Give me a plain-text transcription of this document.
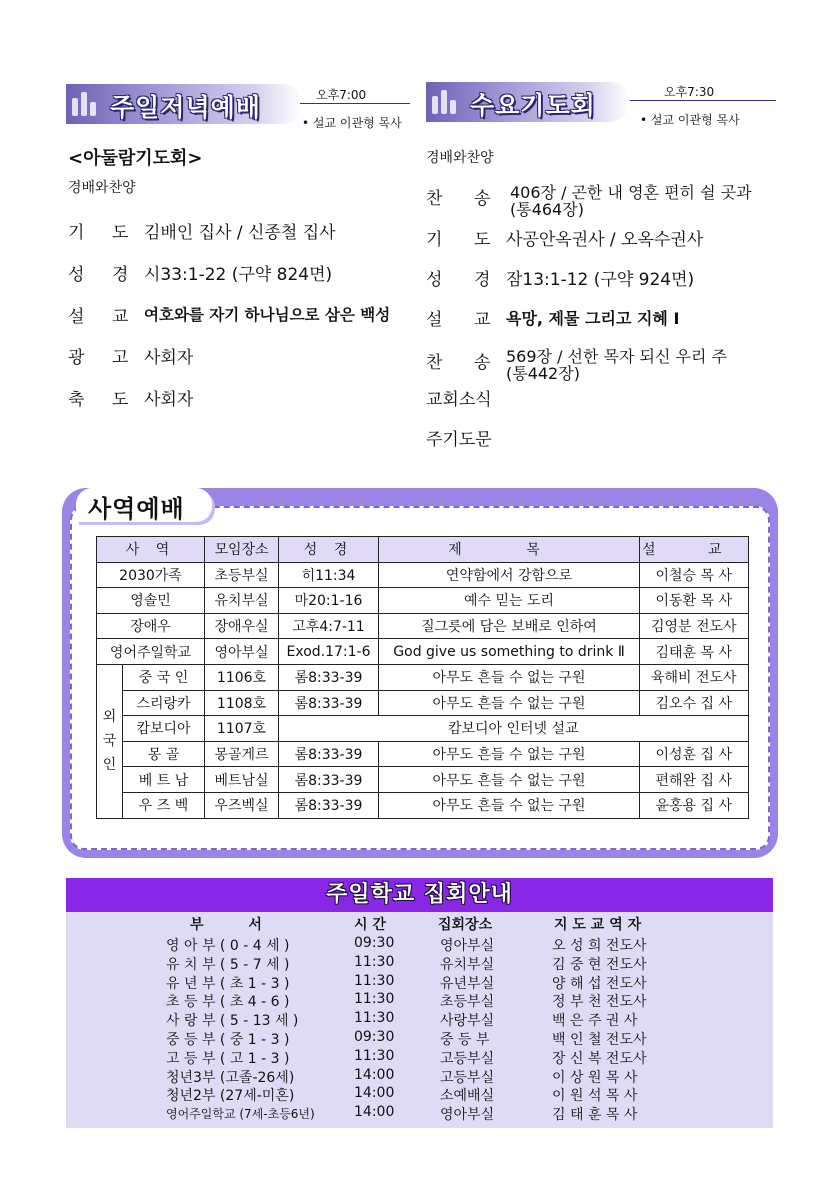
주일저녁예배	오후7:00
• 설교 이관형 목사
<아둘람기도회>
경배와찬양
기 도 김배인 집사 / 신종철 집사
성 경 시33:1-22 (구약 824면)
설 교 여호와를 자기 하나님으로 삼은 백성
광 고 사회자
축 도 사회자
수요기도회	오후7:30
• 설교 이관형 목사
경배와찬양
찬 송 406장 / 곤한 내 영혼 편히 쉴 곳과
(통464장)
기 도 사공안옥권사 / 오옥수권사
성 경 잠13:1-12 (구약 924면)
설 교 욕망, 제물 그리고 지혜 I
찬 송 569장 / 선한 목자 되신 우리 주
(통442장)
교회소식
주기도문
사역예배
사 역		모임장소	성 경	제 목	설 교
2030가족		초등부실	히11:34	연약함에서 강함으로	이철승 목 사
영솔민		유치부실	마20:1-16	예수 믿는 도리	이동환 목 사
장애우		장애우실	고후4:7-11	질그릇에 담은 보배로 인하여	김영분 전도사
영어주일학교		영아부실	Exod.17:1-6	God give us something to drink Ⅱ	김태훈 목 사
외
국
인	중 국 인	1106호	롬8:33-39	아무도 흔들 수 없는 구원	육해비 전도사
	스리랑카	1108호	롬8:33-39	아무도 흔들 수 없는 구원	김오수 집 사
	캄보디아	1107호	캄보디아 인터넷 설교		
	몽 골	몽골게르	롬8:33-39	아무도 흔들 수 없는 구원	이성훈 집 사
	베 트 남	베트남실	롬8:33-39	아무도 흔들 수 없는 구원	편해완 집 사
	우 즈 벡	우즈벡실	롬8:33-39	아무도 흔들 수 없는 구원	윤홍용 집 사
주일학교 집회안내
부 서	시 간	집회장소	지 도 교 역 자
영 아 부 ( 0 - 4 세 )	09:30	영아부실	오 성 희 전도사
유 치 부 ( 5 - 7 세 )	11:30	유치부실	김 중 현 전도사
유 년 부 ( 초 1 - 3 )	11:30	유년부실	양 해 섭 전도사
초 등 부 ( 초 4 - 6 )	11:30	초등부실	정 부 천 전도사
사 랑 부 ( 5 - 13 세 )	11:30	사랑부실	백 은 주 권 사
중 등 부 ( 중 1 - 3 )	09:30	중 등 부	백 인 철 전도사
고 등 부 ( 고 1 - 3 )	11:30	고등부실	장 신 복 전도사
청년3부 (고졸-26세)	14:00	고등부실	이 상 원 목 사
청년2부 (27세-미혼)	14:00	소예배실	이 원 석 목 사
영어주일학교 (7세-초등6년)	14:00	영아부실	김 태 훈 목 사
